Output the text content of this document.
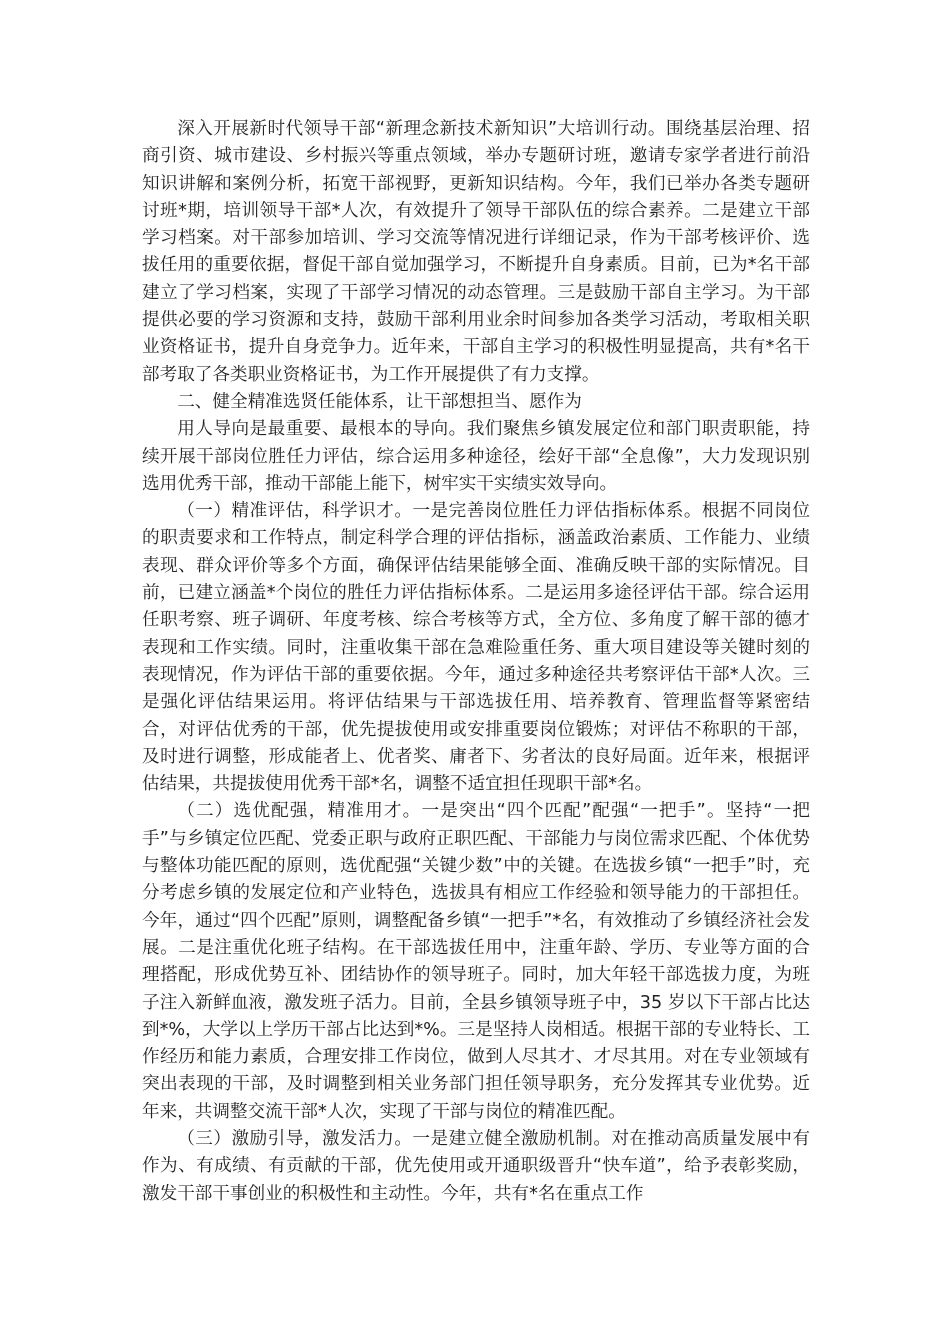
深入开展新时代领导干部“新理念新技术新知识”大培训行动。围绕基层治理、招商引资、城市建设、乡村振兴等重点领域，举办专题研讨班，邀请专家学者进行前沿知识讲解和案例分析，拓宽干部视野，更新知识结构。今年，我们已举办各类专题研讨班*期，培训领导干部*人次，有效提升了领导干部队伍的综合素养。二是建立干部学习档案。对干部参加培训、学习交流等情况进行详细记录，作为干部考核评价、选拔任用的重要依据，督促干部自觉加强学习，不断提升自身素质。目前，已为*名干部建立了学习档案，实现了干部学习情况的动态管理。三是鼓励干部自主学习。为干部提供必要的学习资源和支持，鼓励干部利用业余时间参加各类学习活动，考取相关职业资格证书，提升自身竞争力。近年来，干部自主学习的积极性明显提高，共有*名干部考取了各类职业资格证书，为工作开展提供了有力支撑。

二、健全精准选贤任能体系，让干部想担当、愿作为

用人导向是最重要、最根本的导向。我们聚焦乡镇发展定位和部门职责职能，持续开展干部岗位胜任力评估，综合运用多种途径，绘好干部“全息像”，大力发现识别选用优秀干部，推动干部能上能下，树牢实干实绩实效导向。

（一）精准评估，科学识才。一是完善岗位胜任力评估指标体系。根据不同岗位的职责要求和工作特点，制定科学合理的评估指标，涵盖政治素质、工作能力、业绩表现、群众评价等多个方面，确保评估结果能够全面、准确反映干部的实际情况。目前，已建立涵盖*个岗位的胜任力评估指标体系。二是运用多途径评估干部。综合运用任职考察、班子调研、年度考核、综合考核等方式，全方位、多角度了解干部的德才表现和工作实绩。同时，注重收集干部在急难险重任务、重大项目建设等关键时刻的表现情况，作为评估干部的重要依据。今年，通过多种途径共考察评估干部*人次。三是强化评估结果运用。将评估结果与干部选拔任用、培养教育、管理监督等紧密结合，对评估优秀的干部，优先提拔使用或安排重要岗位锻炼；对评估不称职的干部，及时进行调整，形成能者上、优者奖、庸者下、劣者汰的良好局面。近年来，根据评估结果，共提拔使用优秀干部*名，调整不适宜担任现职干部*名。

（二）选优配强，精准用才。一是突出“四个匹配”配强“一把手”。坚持“一把手”与乡镇定位匹配、党委正职与政府正职匹配、干部能力与岗位需求匹配、个体优势与整体功能匹配的原则，选优配强“关键少数”中的关键。在选拔乡镇“一把手”时，充分考虑乡镇的发展定位和产业特色，选拔具有相应工作经验和领导能力的干部担任。今年，通过“四个匹配”原则，调整配备乡镇“一把手”*名，有效推动了乡镇经济社会发展。二是注重优化班子结构。在干部选拔任用中，注重年龄、学历、专业等方面的合理搭配，形成优势互补、团结协作的领导班子。同时，加大年轻干部选拔力度，为班子注入新鲜血液，激发班子活力。目前，全县乡镇领导班子中，35 岁以下干部占比达到*%，大学以上学历干部占比达到*%。三是坚持人岗相适。根据干部的专业特长、工作经历和能力素质，合理安排工作岗位，做到人尽其才、才尽其用。对在专业领域有突出表现的干部，及时调整到相关业务部门担任领导职务，充分发挥其专业优势。近年来，共调整交流干部*人次，实现了干部与岗位的精准匹配。

（三）激励引导，激发活力。一是建立健全激励机制。对在推动高质量发展中有作为、有成绩、有贡献的干部，优先使用或开通职级晋升“快车道”，给予表彰奖励，激发干部干事创业的积极性和主动性。今年，共有*名在重点工作
